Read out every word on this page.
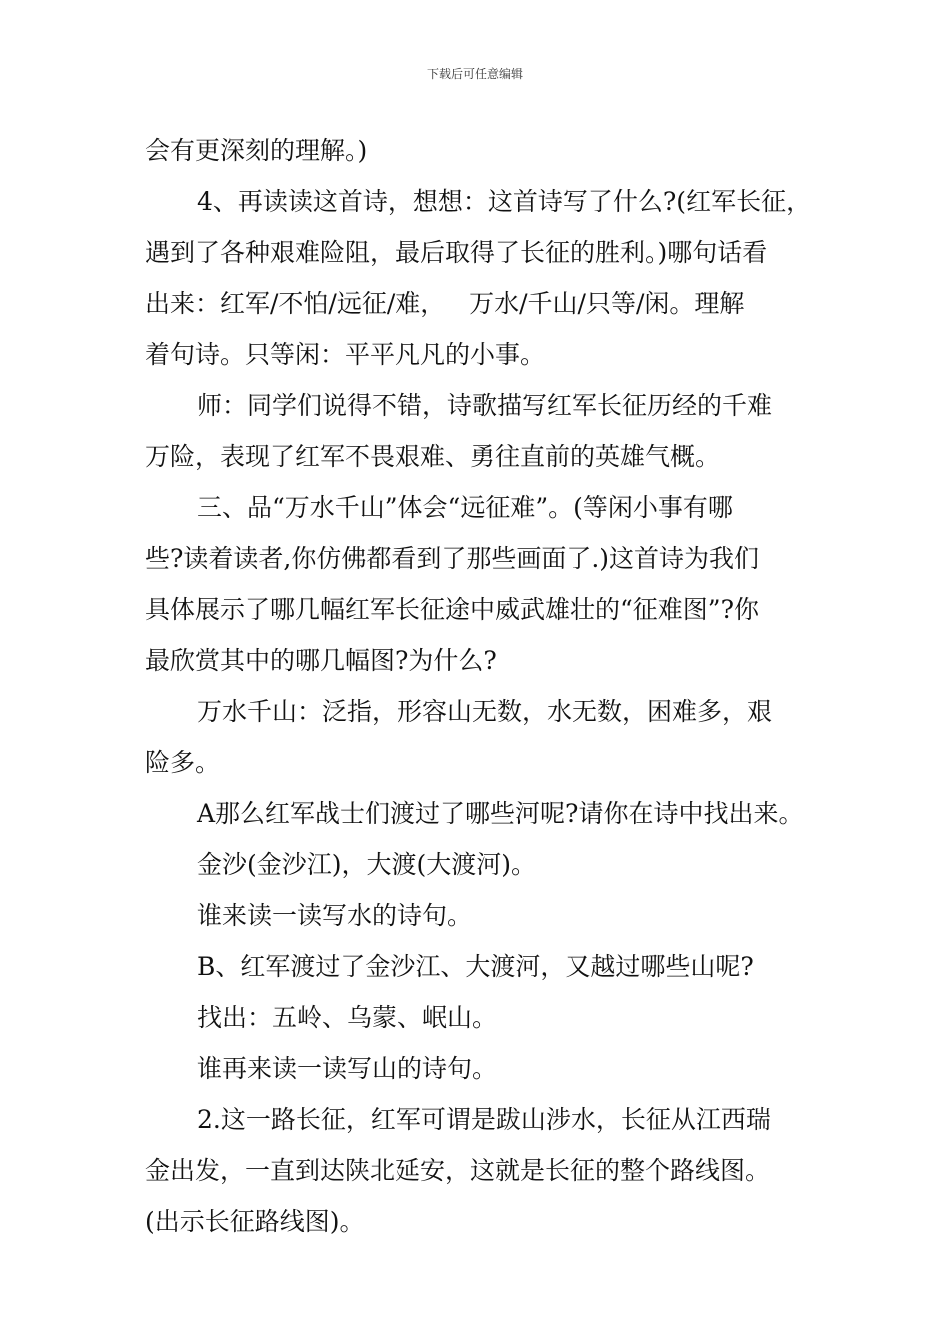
下载后可任意编辑
会有更深刻的理解。)
4、再读读这首诗，想想：这首诗写了什么?(红军长征，
遇到了各种艰难险阻，最后取得了长征的胜利。)哪句话看
出来：红军/不怕/远征/难，   万水/千山/只等/闲。理解
着句诗。只等闲：平平凡凡的小事。
师：同学们说得不错，诗歌描写红军长征历经的千难
万险，表现了红军不畏艰难、勇往直前的英雄气概。
三、品“万水千山”体会“远征难”。(等闲小事有哪
些?读着读者,你仿佛都看到了那些画面了.)这首诗为我们
具体展示了哪几幅红军长征途中威武雄壮的“征难图”?你
最欣赏其中的哪几幅图?为什么?
万水千山：泛指，形容山无数，水无数，困难多，艰
险多。
A那么红军战士们渡过了哪些河呢?请你在诗中找出来。
金沙(金沙江)，大渡(大渡河)。
谁来读一读写水的诗句。
B、红军渡过了金沙江、大渡河，又越过哪些山呢?
找出：五岭、乌蒙、岷山。
谁再来读一读写山的诗句。
2.这一路长征，红军可谓是跋山涉水，长征从江西瑞
金出发，一直到达陕北延安，这就是长征的整个路线图。
(出示长征路线图)。
